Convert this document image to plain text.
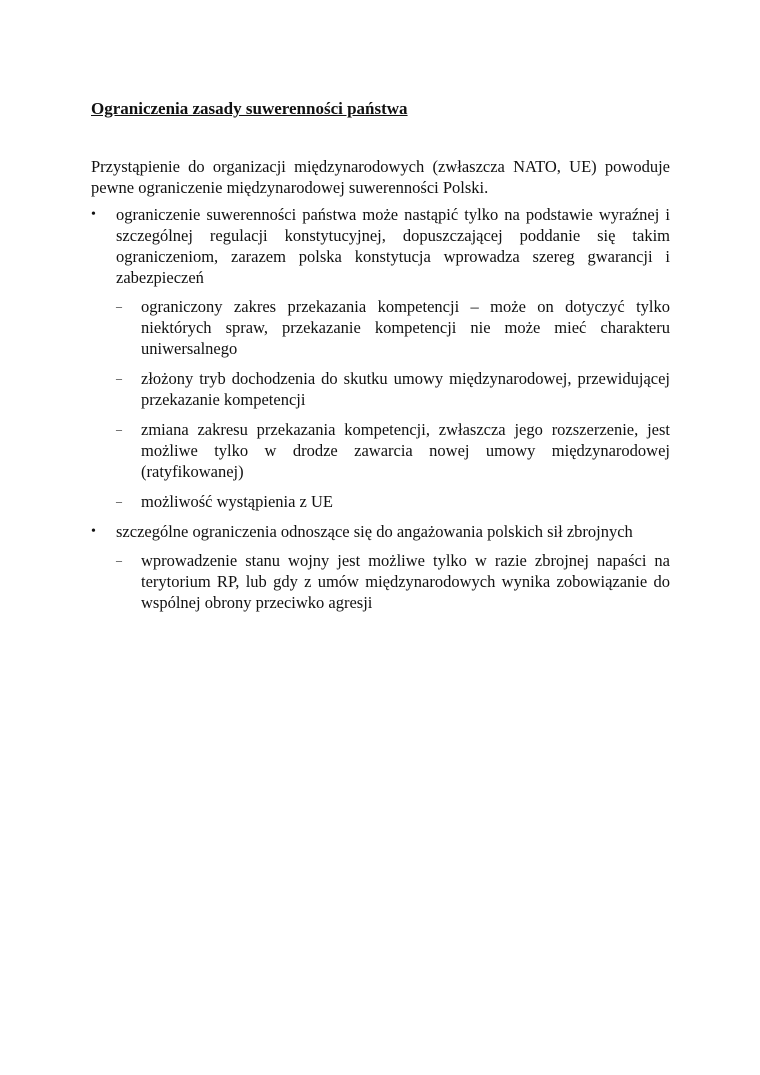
Ograniczenia zasady suwerenności państwa
Przystąpienie do organizacji międzynarodowych (zwłaszcza NATO, UE) powoduje pewne ograniczenie międzynarodowej suwerenności Polski.
•	ograniczenie suwerenności państwa może nastąpić tylko na podstawie wyraźnej i szczególnej regulacji konstytucyjnej, dopuszczającej poddanie się takim ograniczeniom, zarazem polska konstytucja wprowadza szereg gwarancji i zabezpieczeń
– ograniczony zakres przekazania kompetencji – może on dotyczyć tylko niektórych spraw, przekazanie kompetencji nie może mieć charakteru uniwersalnego
– złożony tryb dochodzenia do skutku umowy międzynarodowej, przewidującej przekazanie kompetencji
– zmiana zakresu przekazania kompetencji, zwłaszcza jego rozszerzenie, jest możliwe tylko w drodze zawarcia nowej umowy międzynarodowej (ratyfikowanej)
– możliwość wystąpienia z UE
•	szczególne ograniczenia odnoszące się do angażowania polskich sił zbrojnych
– wprowadzenie stanu wojny jest możliwe tylko w razie zbrojnej napaści na terytorium RP, lub gdy z umów międzynarodowych wynika zobowiązanie do wspólnej obrony przeciwko agresji
